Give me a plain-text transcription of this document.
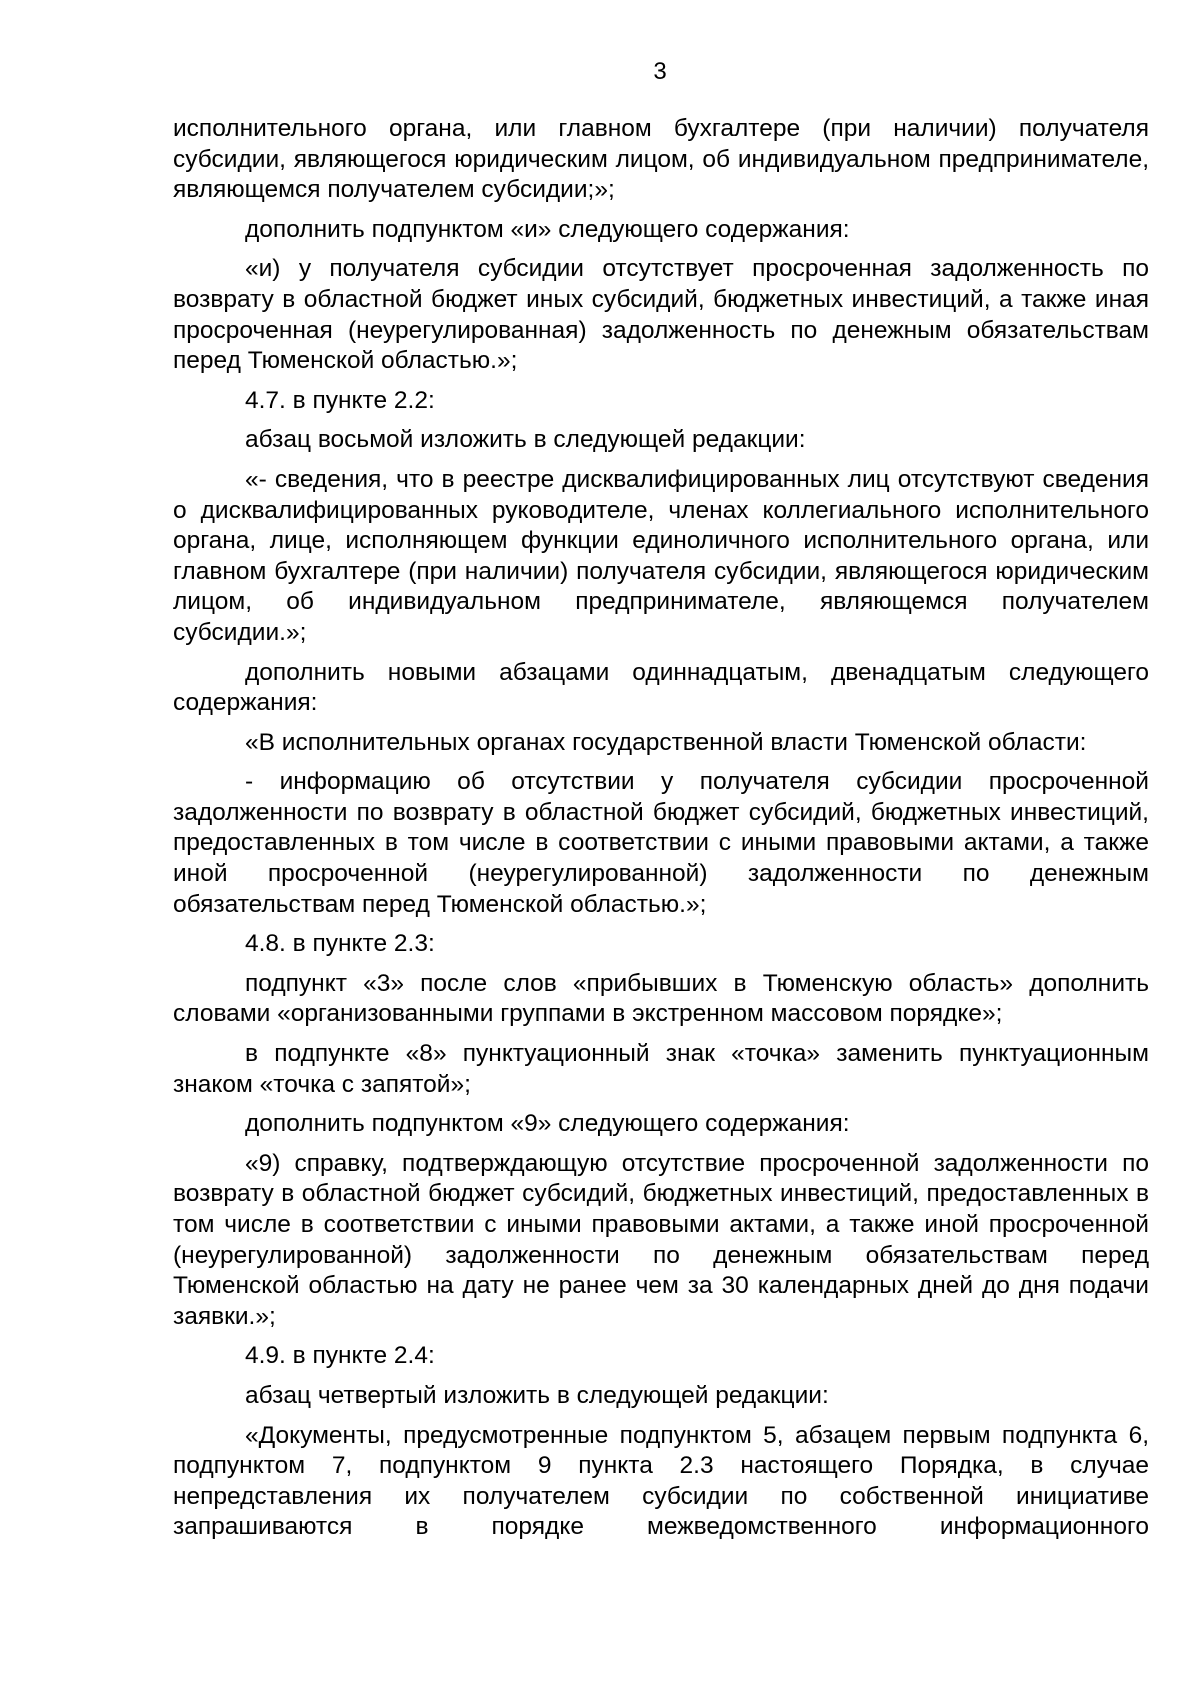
3

исполнительного органа, или главном бухгалтере (при наличии) получателя субсидии, являющегося юридическим лицом, об индивидуальном предпринимателе, являющемся получателем субсидии;»;

дополнить подпунктом «и» следующего содержания:

«и) у получателя субсидии отсутствует просроченная задолженность по возврату в областной бюджет иных субсидий, бюджетных инвестиций, а также иная просроченная (неурегулированная) задолженность по денежным обязательствам перед Тюменской областью.»;

4.7. в пункте 2.2:

абзац восьмой изложить в следующей редакции:

«- сведения, что в реестре дисквалифицированных лиц отсутствуют сведения о дисквалифицированных руководителе, членах коллегиального исполнительного органа, лице, исполняющем функции единоличного исполнительного органа, или главном бухгалтере (при наличии) получателя субсидии, являющегося юридическим лицом, об индивидуальном предпринимателе, являющемся получателем субсидии.»;

дополнить новыми абзацами одиннадцатым, двенадцатым следующего содержания:

«В исполнительных органах государственной власти Тюменской области:

- информацию об отсутствии у получателя субсидии просроченной задолженности по возврату в областной бюджет субсидий, бюджетных инвестиций, предоставленных в том числе в соответствии с иными правовыми актами, а также иной просроченной (неурегулированной) задолженности по денежным обязательствам перед Тюменской областью.»;

4.8. в пункте 2.3:

подпункт «3» после слов «прибывших в Тюменскую область» дополнить словами «организованными группами в экстренном массовом порядке»;

в подпункте «8» пунктуационный знак «точка» заменить пунктуационным знаком «точка с запятой»;

дополнить подпунктом «9» следующего содержания:

«9) справку, подтверждающую отсутствие просроченной задолженности по возврату в областной бюджет субсидий, бюджетных инвестиций, предоставленных в том числе в соответствии с иными правовыми актами, а также иной просроченной (неурегулированной) задолженности по денежным обязательствам перед Тюменской областью на дату не ранее чем за 30 календарных дней до дня подачи заявки.»;

4.9. в пункте 2.4:

абзац четвертый изложить в следующей редакции:

«Документы, предусмотренные подпунктом 5, абзацем первым подпункта 6, подпунктом 7, подпунктом 9 пункта 2.3 настоящего Порядка, в случае непредставления их получателем субсидии по собственной инициативе запрашиваются в порядке межведомственного информационного
